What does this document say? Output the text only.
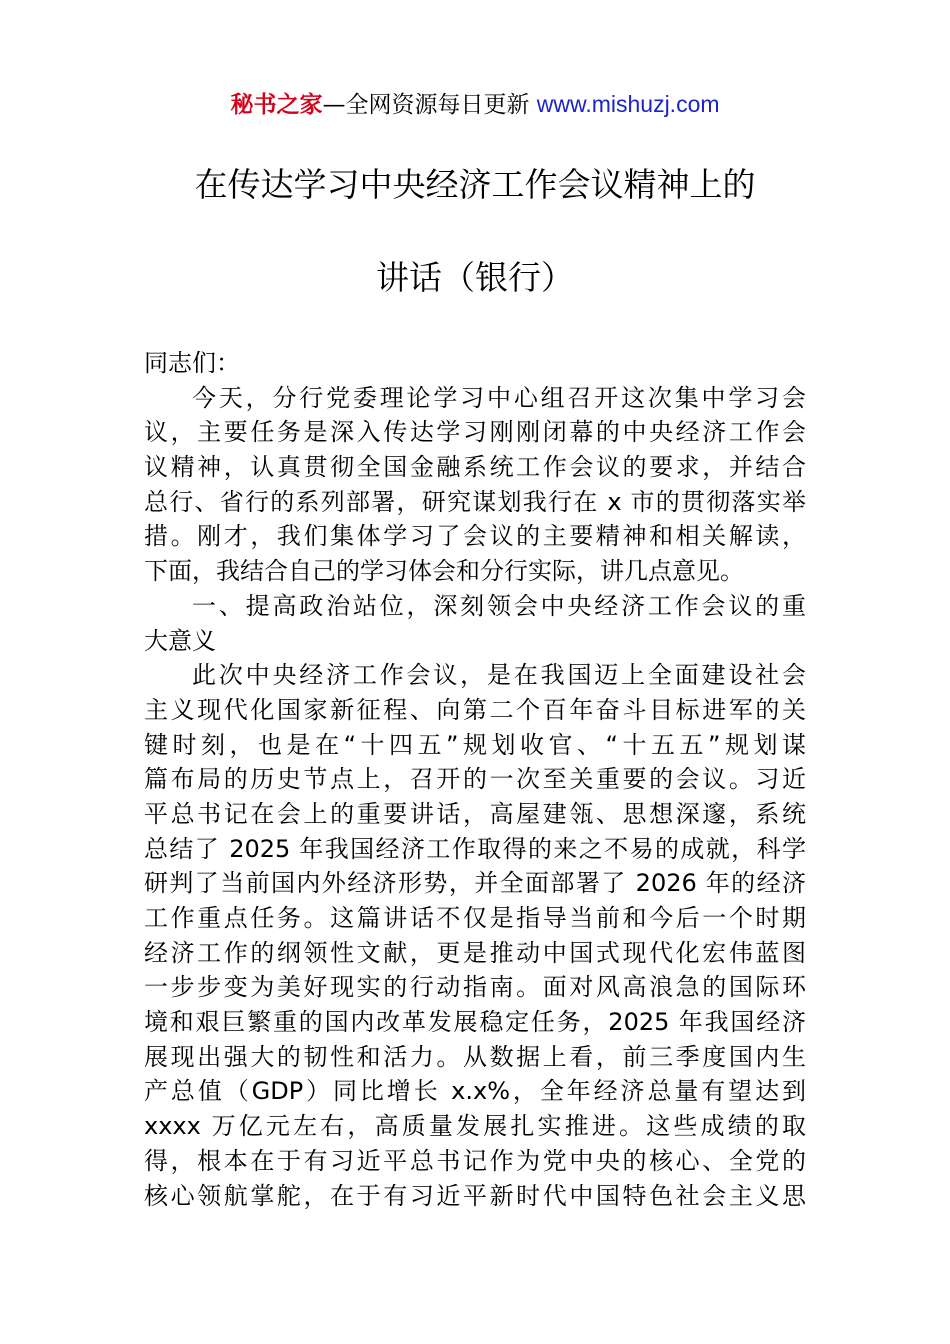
秘书之家—全网资源每日更新 www.mishuzj.com
在传达学习中央经济工作会议精神上的
讲话（银行）
同志们：
今天，分行党委理论学习中心组召开这次集中学习会
议，主要任务是深入传达学习刚刚闭幕的中央经济工作会
议精神，认真贯彻全国金融系统工作会议的要求，并结合
总行、省行的系列部署，研究谋划我行在 x 市的贯彻落实举
措。刚才，我们集体学习了会议的主要精神和相关解读，
下面，我结合自己的学习体会和分行实际，讲几点意见。
一、提高政治站位，深刻领会中央经济工作会议的重
大意义
此次中央经济工作会议，是在我国迈上全面建设社会
主义现代化国家新征程、向第二个百年奋斗目标进军的关
键时刻，也是在“十四五”规划收官、“十五五”规划谋
篇布局的历史节点上，召开的一次至关重要的会议。习近
平总书记在会上的重要讲话，高屋建瓴、思想深邃，系统
总结了 2025 年我国经济工作取得的来之不易的成就，科学
研判了当前国内外经济形势，并全面部署了 2026 年的经济
工作重点任务。这篇讲话不仅是指导当前和今后一个时期
经济工作的纲领性文献，更是推动中国式现代化宏伟蓝图
一步步变为美好现实的行动指南。面对风高浪急的国际环
境和艰巨繁重的国内改革发展稳定任务，2025 年我国经济
展现出强大的韧性和活力。从数据上看，前三季度国内生
产总值（GDP）同比增长 x.x%，全年经济总量有望达到
xxxx 万亿元左右，高质量发展扎实推进。这些成绩的取
得，根本在于有习近平总书记作为党中央的核心、全党的
核心领航掌舵，在于有习近平新时代中国特色社会主义思
